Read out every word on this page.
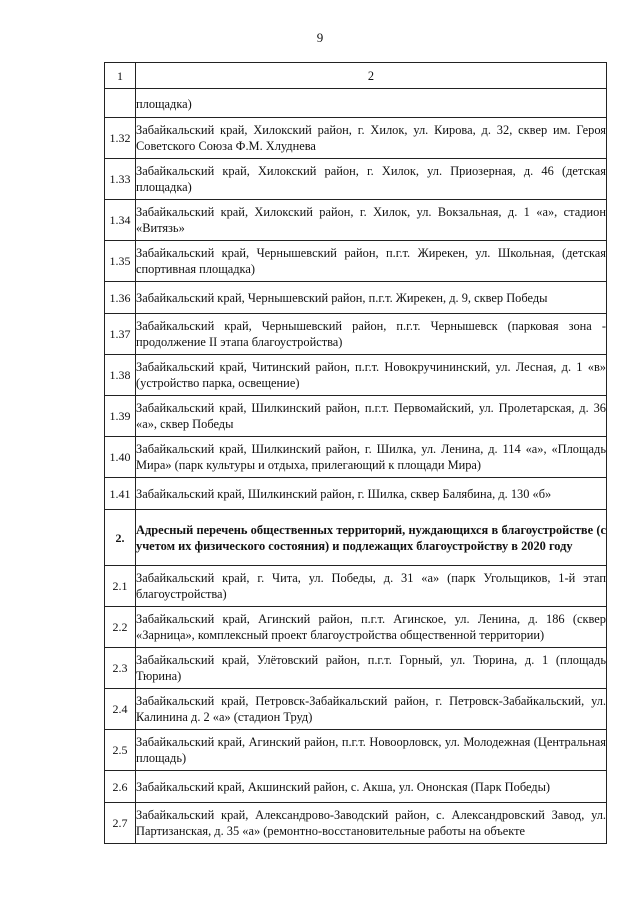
9
1	2
	площадка)
1.32	Забайкальский край, Хилокский район, г. Хилок, ул. Кирова, д. 32, сквер им. Героя Советского Союза Ф.М. Хлуднева
1.33	Забайкальский край, Хилокский район, г. Хилок, ул. Приозерная, д. 46 (детская площадка)
1.34	Забайкальский край, Хилокский район, г. Хилок, ул. Вокзальная, д. 1 «а», стадион «Витязь»
1.35	Забайкальский край, Чернышевский район, п.г.т. Жирекен, ул. Школьная, (детская спортивная площадка)
1.36	Забайкальский край, Чернышевский район, п.г.т. Жирекен, д. 9, сквер Победы
1.37	Забайкальский край, Чернышевский район, п.г.т. Чернышевск (парковая зона - продолжение II этапа благоустройства)
1.38	Забайкальский край, Читинский район, п.г.т. Новокручининский, ул. Лесная, д. 1 «в» (устройство парка, освещение)
1.39	Забайкальский край, Шилкинский район, п.г.т. Первомайский, ул. Пролетарская, д. 36 «а», сквер Победы
1.40	Забайкальский край, Шилкинский район, г. Шилка, ул. Ленина, д. 114 «а», «Площадь Мира» (парк культуры и отдыха, прилегающий к площади Мира)
1.41	Забайкальский край, Шилкинский район, г. Шилка, сквер Балябина, д. 130 «б»
2.	Адресный перечень общественных территорий, нуждающихся в благоустройстве (с учетом их физического состояния) и подлежащих благоустройству в 2020 году
2.1	Забайкальский край, г. Чита, ул. Победы, д. 31 «а» (парк Угольщиков, 1-й этап благоустройства)
2.2	Забайкальский край, Агинский район, п.г.т. Агинское, ул. Ленина, д. 186 (сквер «Зарница», комплексный проект благоустройства общественной территории)
2.3	Забайкальский край, Улётовский район, п.г.т. Горный, ул. Тюрина, д. 1 (площадь Тюрина)
2.4	Забайкальский край, Петровск-Забайкальский район, г. Петровск-Забайкальский, ул. Калинина д. 2 «а» (стадион Труд)
2.5	Забайкальский край, Агинский район, п.г.т. Новоорловск, ул. Молодежная (Центральная площадь)
2.6	Забайкальский край, Акшинский район, с. Акша, ул. Ононская (Парк Победы)
2.7	Забайкальский край, Александрово-Заводский район, с. Александровский Завод, ул. Партизанская, д. 35 «а» (ремонтно-восстановительные работы на объекте
